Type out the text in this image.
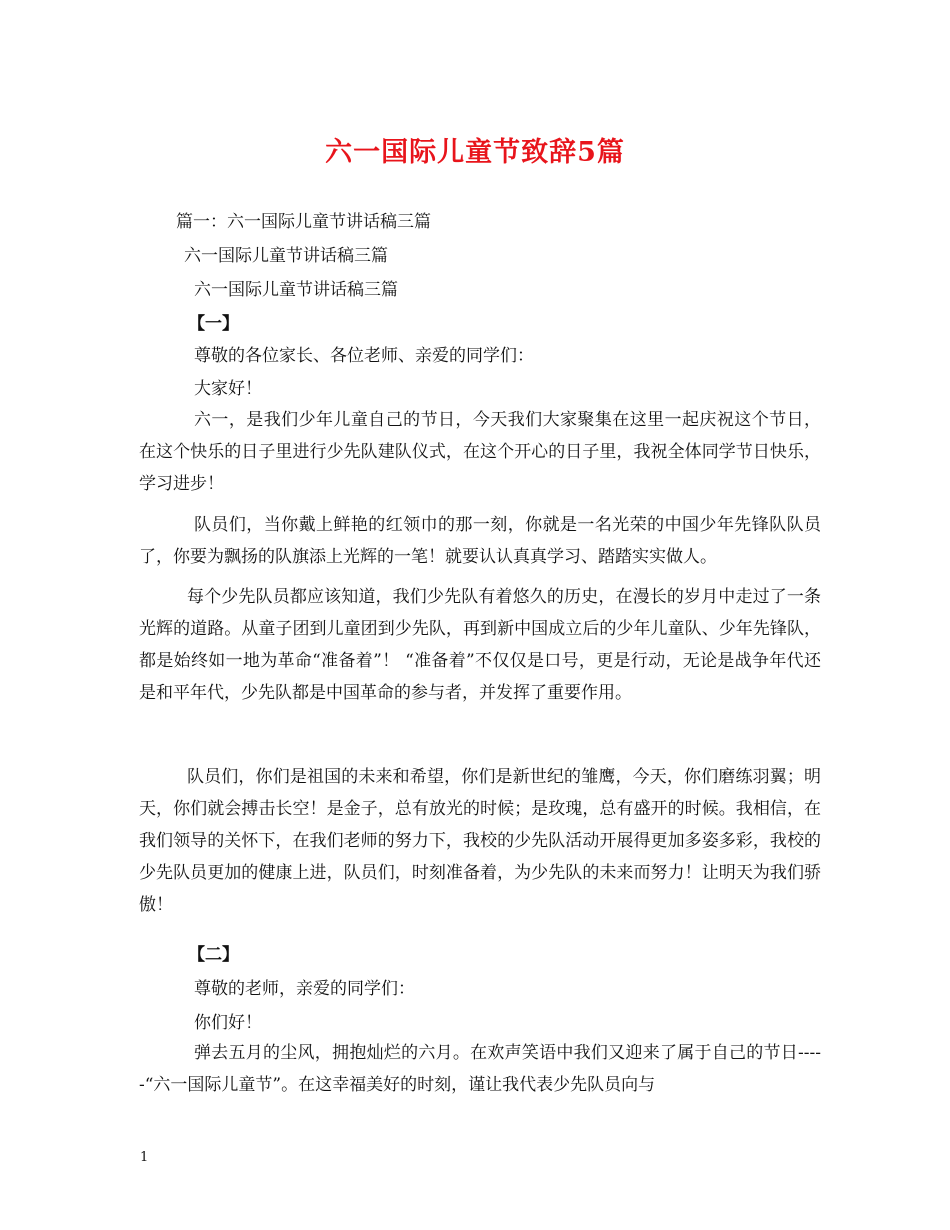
六一国际儿童节致辞5篇
篇一：六一国际儿童节讲话稿三篇
六一国际儿童节讲话稿三篇
六一国际儿童节讲话稿三篇
【一】
尊敬的各位家长、各位老师、亲爱的同学们：
大家好！
六一，是我们少年儿童自己的节日，今天我们大家聚集在这里一起庆祝这个节日，在这个快乐的日子里进行少先队建队仪式，在这个开心的日子里，我祝全体同学节日快乐，学习进步！
队员们，当你戴上鲜艳的红领巾的那一刻，你就是一名光荣的中国少年先锋队队员了，你要为飘扬的队旗添上光辉的一笔！就要认认真真学习、踏踏实实做人。
每个少先队员都应该知道，我们少先队有着悠久的历史，在漫长的岁月中走过了一条光辉的道路。从童子团到儿童团到少先队，再到新中国成立后的少年儿童队、少年先锋队，都是始终如一地为革命“准备着”！ “准备着”不仅仅是口号，更是行动，无论是战争年代还是和平年代，少先队都是中国革命的参与者，并发挥了重要作用。
队员们，你们是祖国的未来和希望，你们是新世纪的雏鹰，今天，你们磨练羽翼；明天，你们就会搏击长空！是金子，总有放光的时候；是玫瑰，总有盛开的时候。我相信，在我们领导的关怀下，在我们老师的努力下，我校的少先队活动开展得更加多姿多彩，我校的少先队员更加的健康上进，队员们，时刻准备着，为少先队的未来而努力！让明天为我们骄傲！
【二】
尊敬的老师，亲爱的同学们：
你们好！
弹去五月的尘风，拥抱灿烂的六月。在欢声笑语中我们又迎来了属于自己的节日-----“六一国际儿童节”。在这幸福美好的时刻，谨让我代表少先队员向与
1
